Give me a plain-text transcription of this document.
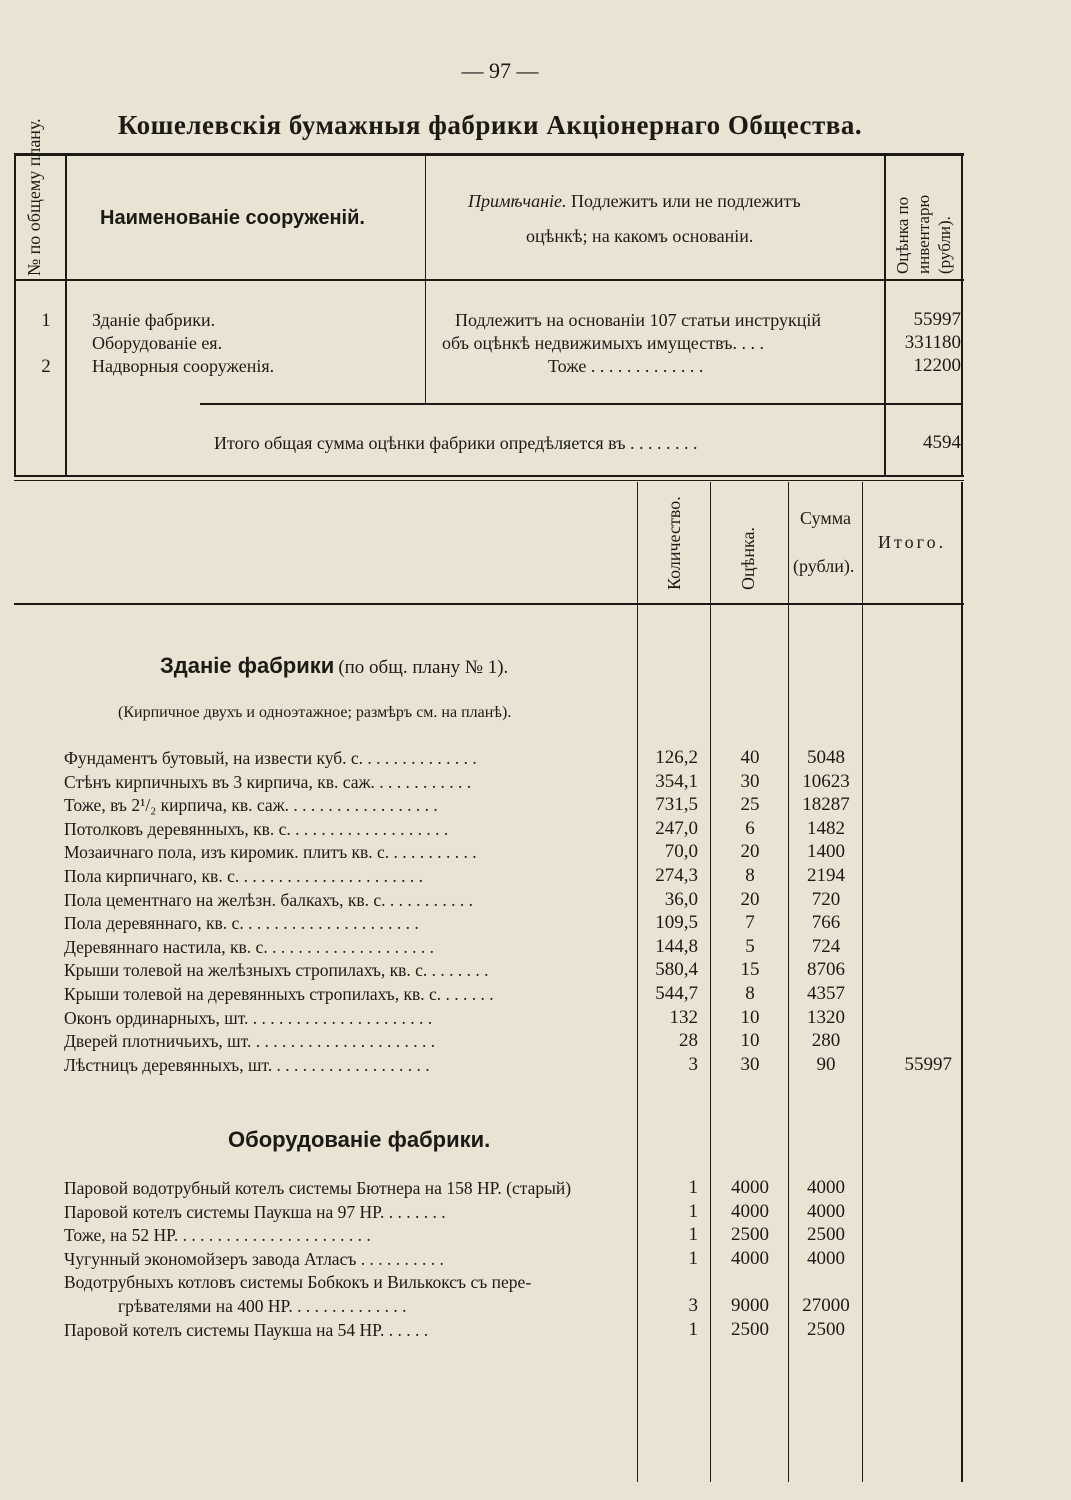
— 97 —
Кошелевскія бумажныя фабрики Акціонернаго Общества.
№ по общему плану.	Наименованіе сооруженій.
Примѣчаніе. Подлежитъ или не подлежитъ
оцѣнкѣ; на какомъ основаніи.	Оцѣнка по инвентарю (рубли).
1	Зданіе фабрики.	Подлежитъ на основаніи 107 статьи инструкцій	55997
Оборудованіе ея.	объ оцѣнкѣ недвижимыхъ имуществъ. . . .	331180
2	Надворныя сооруженія.	Тоже . . . . . . . . . . . . .	12200
Итого общая сумма оцѣнки фабрики опредѣляется въ . . . . . . . .	4594
Количество.	Оцѣнка.
Сумма
(рубли).
Итого.
Зданіе фабрики (по общ. плану № 1).
(Кирпичное двухъ и одноэтажное; размѣръ см. на планѣ).
Фундаментъ бутовый, на извести куб. с. . . . . . . . . . . . . .	126,2	40	5048
Стѣнъ кирпичныхъ въ 3 кирпича, кв. саж. . . . . . . . . . . .	354,1	30	10623
Тоже, въ 2¹/₂ кирпича, кв. саж. . . . . . . . . . . . . . . . . .	731,5	25	18287
Потолковъ деревянныхъ, кв. с. . . . . . . . . . . . . . . . . . .	247,0	6	1482
Мозаичнаго пола, изъ киромик. плитъ кв. с. . . . . . . . . . .	70,0	20	1400
Пола кирпичнаго, кв. с. . . . . . . . . . . . . . . . . . . . . .	274,3	8	2194
Пола цементнаго на желѣзн. балкахъ, кв. с. . . . . . . . . . .	36,0	20	720
Пола деревяннаго, кв. с. . . . . . . . . . . . . . . . . . . . .	109,5	7	766
Деревяннаго настила, кв. с. . . . . . . . . . . . . . . . . . . .	144,8	5	724
Крыши толевой на желѣзныхъ стропилахъ, кв. с. . . . . . . .	580,4	15	8706
Крыши толевой на деревянныхъ стропилахъ, кв. с. . . . . . .	544,7	8	4357
Оконъ ординарныхъ, шт. . . . . . . . . . . . . . . . . . . . . .	132	10	1320
Дверей плотничьихъ, шт. . . . . . . . . . . . . . . . . . . . . .	28	10	280
Лѣстницъ деревянныхъ, шт. . . . . . . . . . . . . . . . . . .	3	30	90	55997
Оборудованіе фабрики.
Паровой водотрубный котелъ системы Бютнера на 158 HP. (старый)	1	4000	4000
Паровой котелъ системы Паукша на 97 HP. . . . . . . .	1	4000	4000
Тоже, на 52 HP. . . . . . . . . . . . . . . . . . . . . . .	1	2500	2500
Чугунный экономойзеръ завода Атласъ . . . . . . . . . .	1	4000	4000
Водотрубныхъ котловъ системы Бобкокъ и Вилькоксъ съ пере-
грѣвателями на 400 HP. . . . . . . . . . . . . .	3	9000	27000
Паровой котелъ системы Паукша на 54 HP. . . . . .	1	2500	2500
